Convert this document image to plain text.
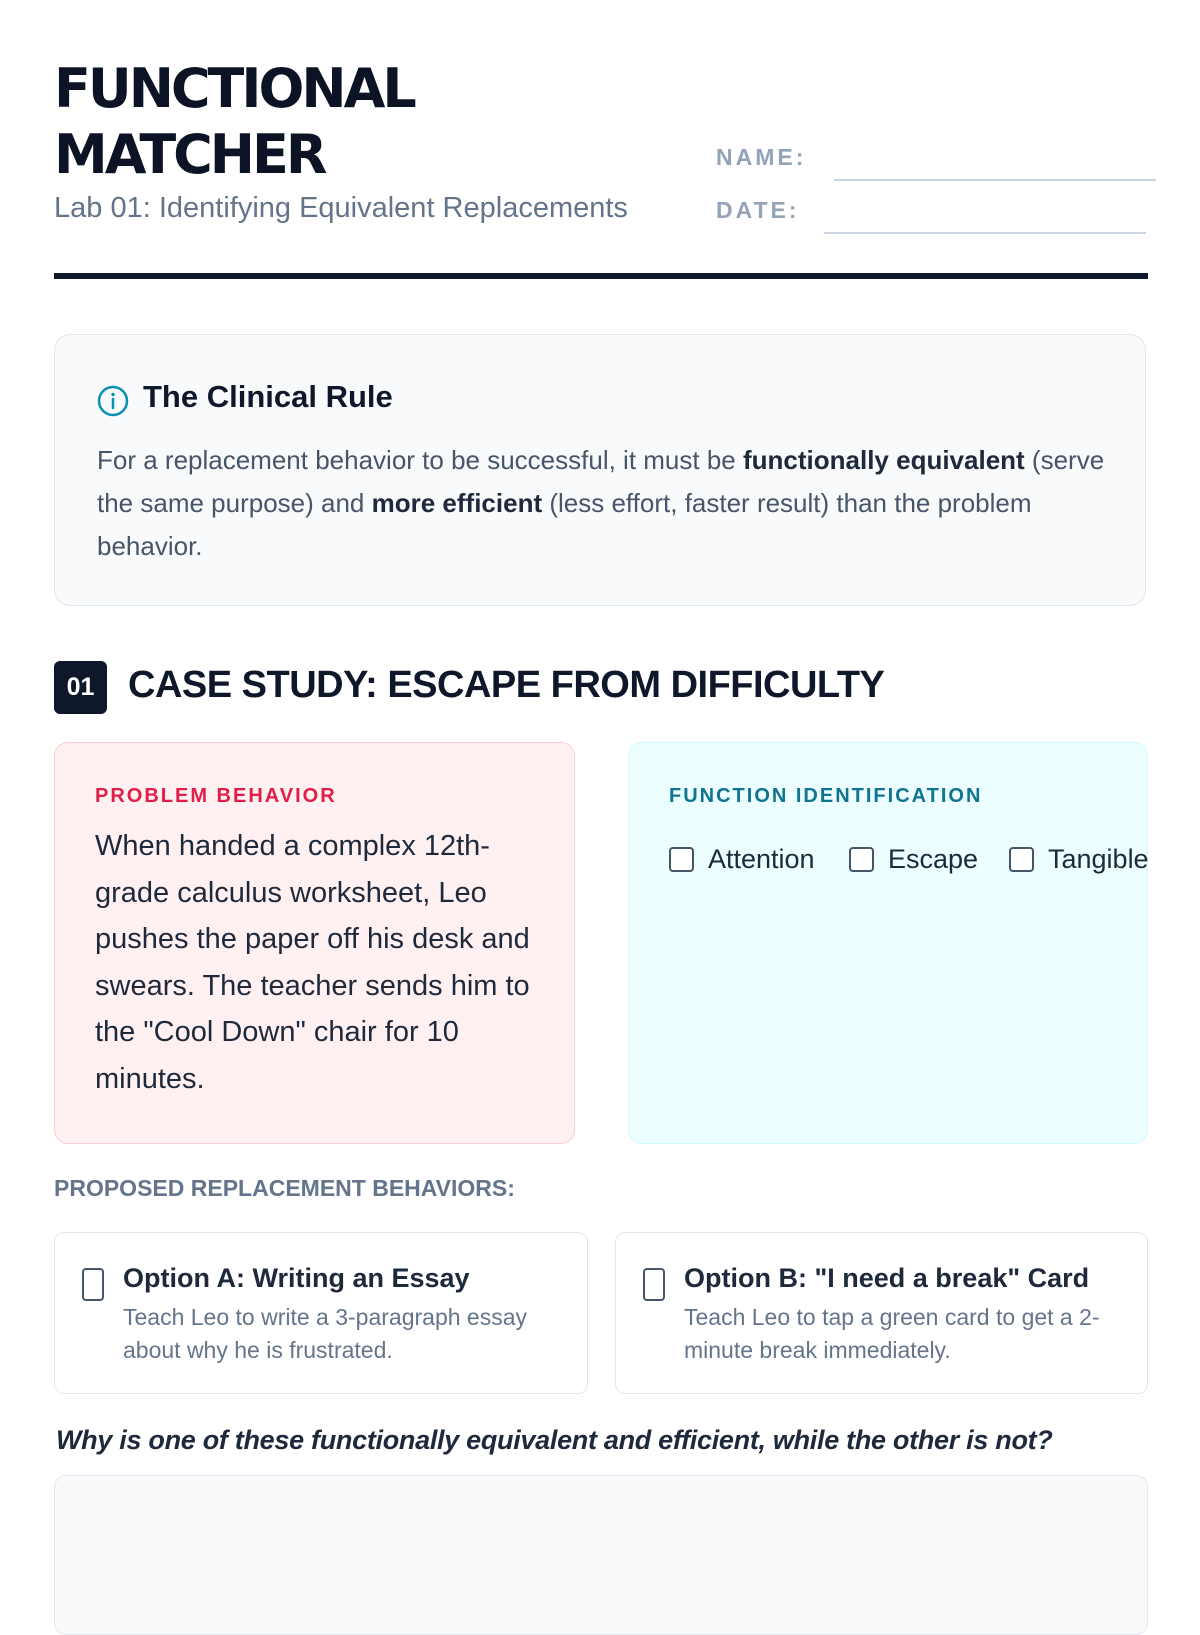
FUNCTIONAL
MATCHER
Lab 01: Identifying Equivalent Replacements
NAME:
DATE:
The Clinical Rule
For a replacement behavior to be successful, it must be functionally equivalent (serve the same purpose) and more efficient (less effort, faster result) than the problem behavior.
01 CASE STUDY: ESCAPE FROM DIFFICULTY
PROBLEM BEHAVIOR
When handed a complex 12th-grade calculus worksheet, Leo pushes the paper off his desk and swears. The teacher sends him to the "Cool Down" chair for 10 minutes.
FUNCTION IDENTIFICATION
Attention	Escape	Tangible
PROPOSED REPLACEMENT BEHAVIORS:
Option A: Writing an Essay
Teach Leo to write a 3-paragraph essay about why he is frustrated.
Option B: "I need a break" Card
Teach Leo to tap a green card to get a 2-minute break immediately.
Why is one of these functionally equivalent and efficient, while the other is not?
